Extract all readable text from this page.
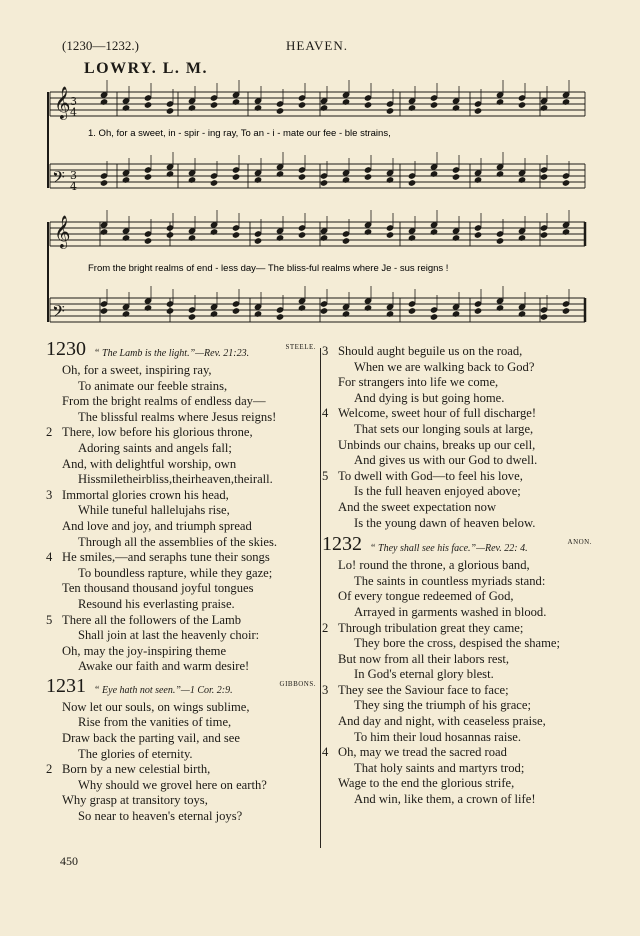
(1230—1232.)	HEAVEN.
LOWRY. L. M.
1. Oh, for a sweet, in - spir - ing ray, To an - i - mate our fee - ble strains,
From the bright realms of end - less day— The bliss-ful realms where Je - sus reigns !
3
4
3
4
𝄞
𝄞
𝄢
𝄢
1230 “ The Lamb is the light.”—Rev. 21:23.
STEELE.
Oh, for a sweet, inspiring ray,
To animate our feeble strains,
From the bright realms of endless day—
The blissful realms where Jesus reigns!
2 There, low before his glorious throne,
Adoring saints and angels fall;
And, with delightful worship, own
Hissmiletheirbliss,theirheaven,theirall.
3 Immortal glories crown his head,
While tuneful hallelujahs rise,
And love and joy, and triumph spread
Through all the assemblies of the skies.
4 He smiles,—and seraphs tune their songs
To boundless rapture, while they gaze;
Ten thousand thousand joyful tongues
Resound his everlasting praise.
5 There all the followers of the Lamb
Shall join at last the heavenly choir:
Oh, may the joy-inspiring theme
Awake our faith and warm desire!
1231 “ Eye hath not seen.”—1 Cor. 2:9.
GIBBONS.
Now let our souls, on wings sublime,
Rise from the vanities of time,
Draw back the parting vail, and see
The glories of eternity.
2 Born by a new celestial birth,
Why should we grovel here on earth?
Why grasp at transitory toys,
So near to heaven's eternal joys?
3 Should aught beguile us on the road,
When we are walking back to God?
For strangers into life we come,
And dying is but going home.
4 Welcome, sweet hour of full discharge!
That sets our longing souls at large,
Unbinds our chains, breaks up our cell,
And gives us with our God to dwell.
5 To dwell with God—to feel his love,
Is the full heaven enjoyed above;
And the sweet expectation now
Is the young dawn of heaven below.
1232 “ They shall see his face.”—Rev. 22: 4.
ANON.
Lo! round the throne, a glorious band,
The saints in countless myriads stand:
Of every tongue redeemed of God,
Arrayed in garments washed in blood.
2 Through tribulation great they came;
They bore the cross, despised the shame;
But now from all their labors rest,
In God's eternal glory blest.
3 They see the Saviour face to face;
They sing the triumph of his grace;
And day and night, with ceaseless praise,
To him their loud hosannas raise.
4 Oh, may we tread the sacred road
That holy saints and martyrs trod;
Wage to the end the glorious strife,
And win, like them, a crown of life!
450
